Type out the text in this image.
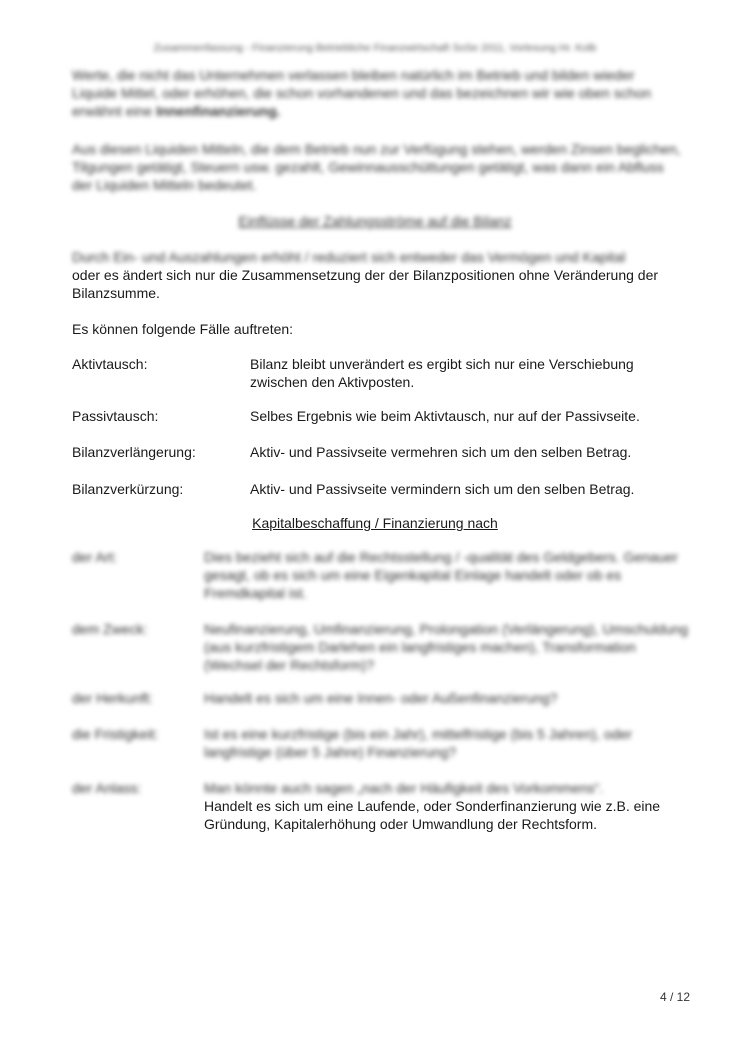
Zusammenfassung - Finanzierung Betriebliche Finanzwirtschaft SoSe 2011, Vorlesung Hr. Kolb
Werte, die nicht das Unternehmen verlassen bleiben natürlich im Betrieb und bilden wieder Liquide Mittel, oder erhöhen, die schon vorhandenen und das bezeichnen wir wie oben schon erwähnt eine Innenfinanzierung.
Aus diesen Liquiden Mitteln, die dem Betrieb nun zur Verfügung stehen, werden Zinsen beglichen, Tilgungen getätigt, Steuern usw. gezahlt, Gewinnausschüttungen getätigt, was dann ein Abfluss der Liquiden Mitteln bedeutet.
Einflüsse der Zahlungsströme auf die Bilanz
Durch Ein- und Auszahlungen erhöht / reduziert sich entweder das Vermögen und Kapital
oder es ändert sich nur die Zusammensetzung der der Bilanzpositionen ohne Veränderung der Bilanzsumme.
Es können folgende Fälle auftreten:
Aktivtausch:	Bilanz bleibt unverändert es ergibt sich nur eine Verschiebung zwischen den Aktivposten.
Passivtausch:	Selbes Ergebnis wie beim Aktivtausch, nur auf der Passivseite.
Bilanzverlängerung:	Aktiv- und Passivseite vermehren sich um den selben Betrag.
Bilanzverkürzung:	Aktiv- und Passivseite vermindern sich um den selben Betrag.
Kapitalbeschaffung / Finanzierung nach
der Art:	Dies bezieht sich auf die Rechtsstellung / -qualität des Geldgebers. Genauer gesagt, ob es sich um eine Eigenkapital Einlage handelt oder ob es Fremdkapital ist.
dem Zweck:	Neufinanzierung, Umfinanzierung, Prolongation (Verlängerung), Umschuldung (aus kurzfristigem Darlehen ein langfristiges machen), Transformation (Wechsel der Rechtsform)?
der Herkunft:	Handelt es sich um eine Innen- oder Außenfinanzierung?
die Fristigkeit:	Ist es eine kurzfristige (bis ein Jahr), mittelfristige (bis 5 Jahren), oder langfristige (über 5 Jahre) Finanzierung?
der Anlass:	Man könnte auch sagen „nach der Häufigkeit des Vorkommens“.
Handelt es sich um eine Laufende, oder Sonderfinanzierung wie z.B. eine Gründung, Kapitalerhöhung oder Umwandlung der Rechtsform.
4 / 12
